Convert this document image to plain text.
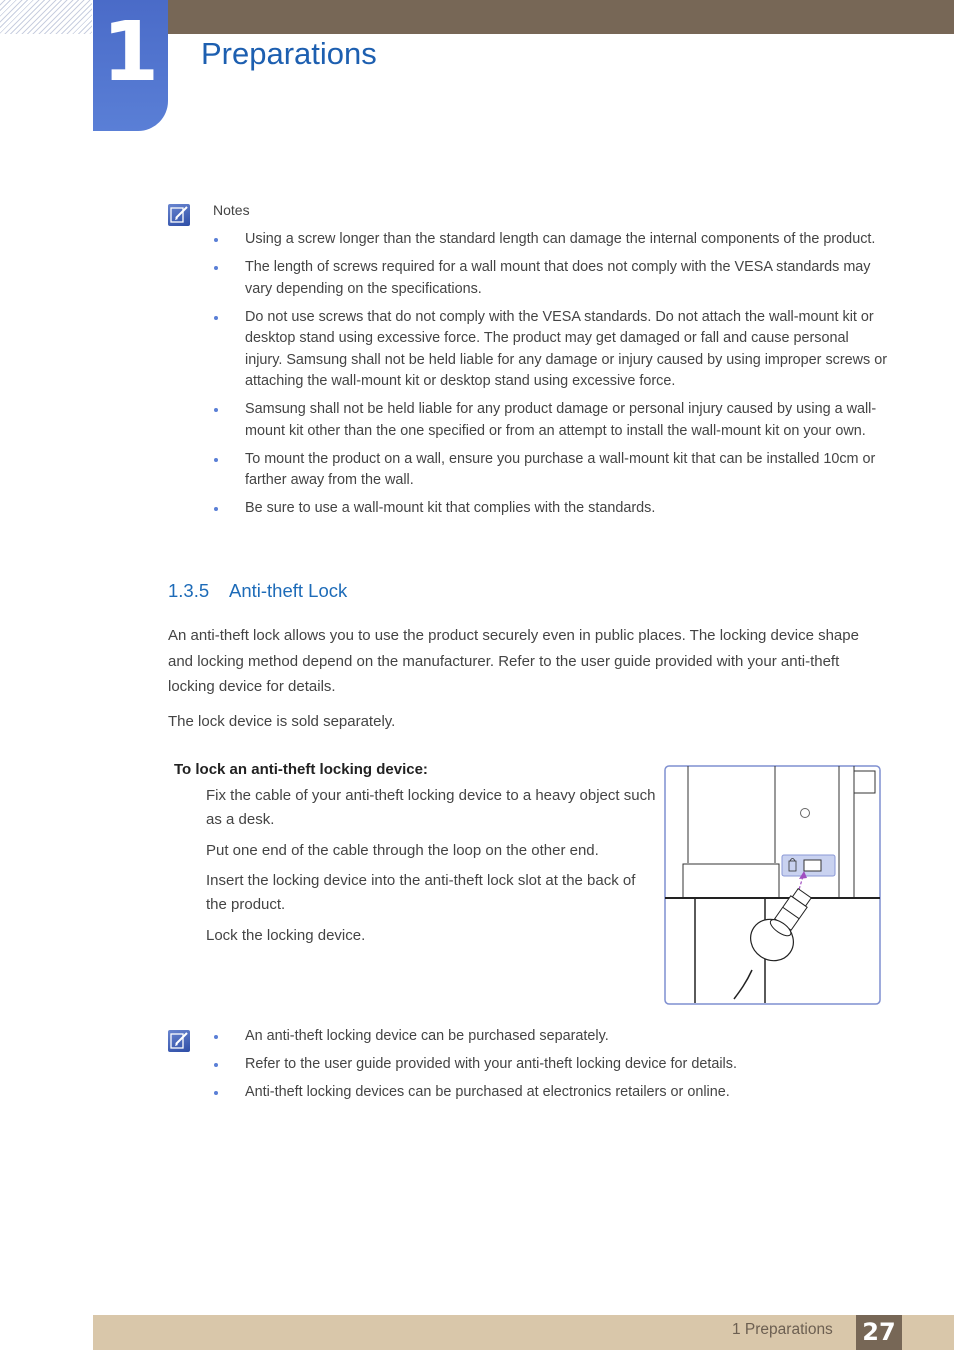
1 Preparations
Notes
Using a screw longer than the standard length can damage the internal components of the product.
The length of screws required for a wall mount that does not comply with the VESA standards may vary depending on the specifications.
Do not use screws that do not comply with the VESA standards. Do not attach the wall-mount kit or desktop stand using excessive force. The product may get damaged or fall and cause personal injury. Samsung shall not be held liable for any damage or injury caused by using improper screws or attaching the wall-mount kit or desktop stand using excessive force.
Samsung shall not be held liable for any product damage or personal injury caused by using a wall-mount kit other than the one specified or from an attempt to install the wall-mount kit on your own.
To mount the product on a wall, ensure you purchase a wall-mount kit that can be installed 10cm or farther away from the wall.
Be sure to use a wall-mount kit that complies with the standards.
1.3.5 Anti-theft Lock

An anti-theft lock allows you to use the product securely even in public places. The locking device shape and locking method depend on the manufacturer. Refer to the user guide provided with your anti-theft locking device for details.

The lock device is sold separately.

To lock an anti-theft locking device:

Fix the cable of your anti-theft locking device to a heavy object such as a desk.

Put one end of the cable through the loop on the other end.

Insert the locking device into the anti-theft lock slot at the back of the product.

Lock the locking device.

An anti-theft locking device can be purchased separately.
Refer to the user guide provided with your anti-theft locking device for details.
Anti-theft locking devices can be purchased at electronics retailers or online.
1 Preparations 27
